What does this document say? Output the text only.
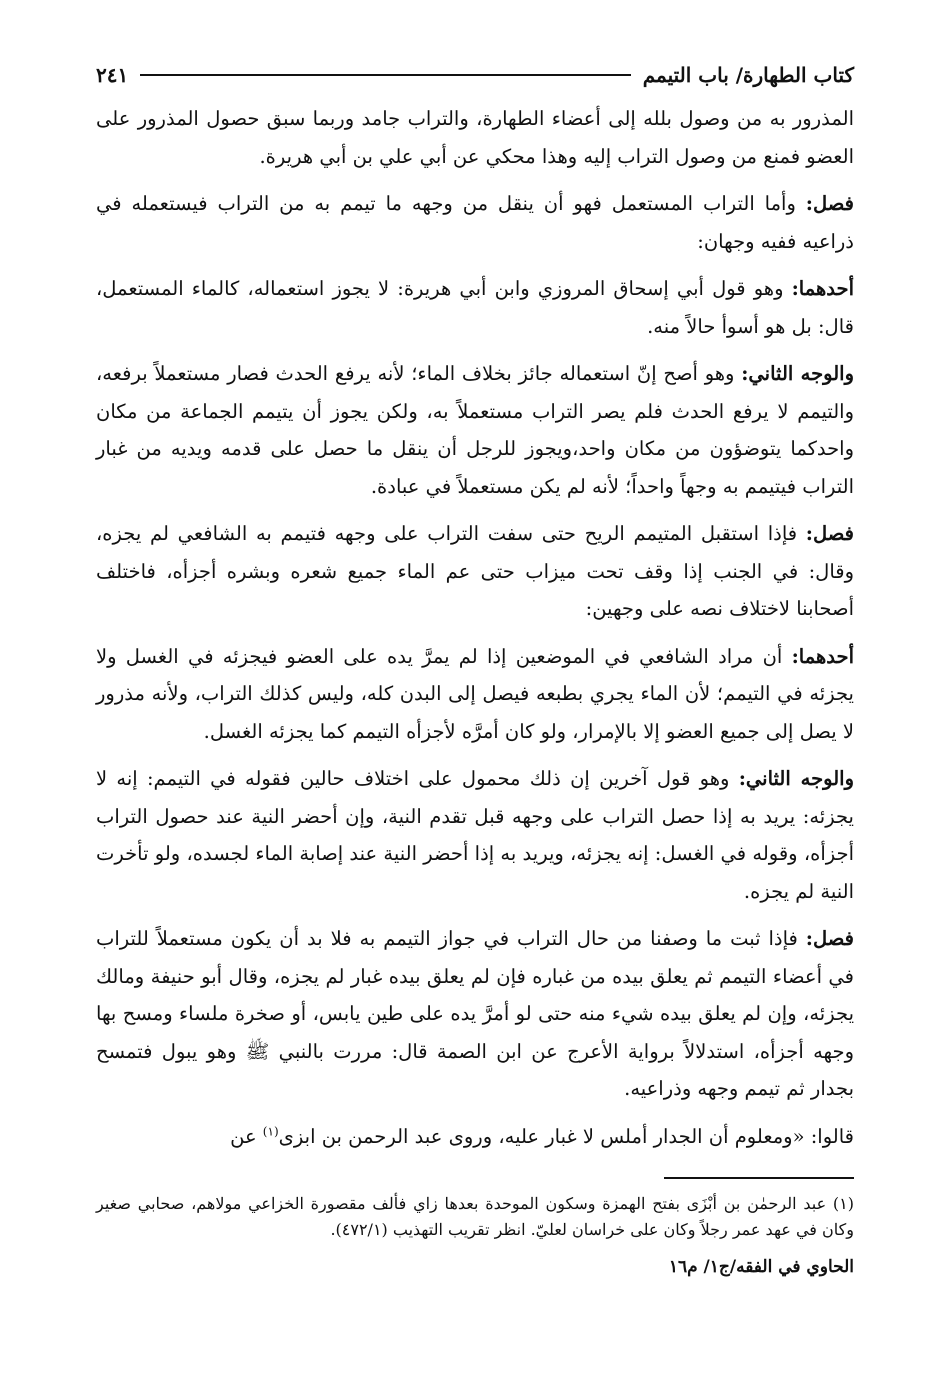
كتاب الطهارة/ باب التيمم
٢٤١

المذرور به من وصول بلله إلى أعضاء الطهارة، والتراب جامد وربما سبق حصول المذرور على العضو فمنع من وصول التراب إليه وهذا محكي عن أبي علي بن أبي هريرة.

فصل: وأما التراب المستعمل فهو أن ينقل من وجهه ما تيمم به من التراب فيستعمله في ذراعيه ففيه وجهان:

أحدهما: وهو قول أبي إسحاق المروزي وابن أبي هريرة: لا يجوز استعماله، كالماء المستعمل، قال: بل هو أسوأ حالاً منه.

والوجه الثاني: وهو أصح إنّ استعماله جائز بخلاف الماء؛ لأنه يرفع الحدث فصار مستعملاً برفعه، والتيمم لا يرفع الحدث فلم يصر التراب مستعملاً به، ولكن يجوز أن يتيمم الجماعة من مكان واحدكما يتوضؤون من مكان واحد،ويجوز للرجل أن ينقل ما حصل على قدمه ويديه من غبار التراب فيتيمم به وجهاً واحداً؛ لأنه لم يكن مستعملاً في عبادة.

فصل: فإذا استقبل المتيمم الريح حتى سفت التراب على وجهه فتيمم به الشافعي لم يجزه، وقال: في الجنب إذا وقف تحت ميزاب حتى عم الماء جميع شعره وبشره أجزأه، فاختلف أصحابنا لاختلاف نصه على وجهين:

أحدهما: أن مراد الشافعي في الموضعين إذا لم يمرَّ يده على العضو فيجزئه في الغسل ولا يجزئه في التيمم؛ لأن الماء يجري بطبعه فيصل إلى البدن كله، وليس كذلك التراب، ولأنه مذرور لا يصل إلى جميع العضو إلا بالإمرار، ولو كان أمرَّه لأجزأه التيمم كما يجزئه الغسل.

والوجه الثاني: وهو قول آخرين إن ذلك محمول على اختلاف حالين فقوله في التيمم: إنه لا يجزئه: يريد به إذا حصل التراب على وجهه قبل تقدم النية، وإن أحضر النية عند حصول التراب أجزأه، وقوله في الغسل: إنه يجزئه، ويريد به إذا أحضر النية عند إصابة الماء لجسده، ولو تأخرت النية لم يجزه.

فصل: فإذا ثبت ما وصفنا من حال التراب في جواز التيمم به فلا بد أن يكون مستعملاً للتراب في أعضاء التيمم ثم يعلق بيده من غباره فإن لم يعلق بيده غبار لم يجزه، وقال أبو حنيفة ومالك يجزئه، وإن لم يعلق بيده شيء منه حتى لو أمرَّ يده على طين يابس، أو صخرة ملساء ومسح بها وجهه أجزأه، استدلالاً برواية الأعرج عن ابن الصمة قال: مررت بالنبي ﷺ وهو يبول فتمسح بجدار ثم تيمم وجهه وذراعيه.

قالوا: «ومعلوم أن الجدار أملس لا غبار عليه، وروى عبد الرحمن بن ابزى$^{(١)}$ عن

(١) عبد الرحمٰن بن أبْزَى بفتح الهمزة وسكون الموحدة بعدها زاي فألف مقصورة الخزاعي مولاهم، صحابي صغير وكان في عهد عمر رجلاً وكان على خراسان لعليّ. انظر تقريب التهذيب (٤٧٢/١).
الحاوي في الفقه/ج١/ م١٦
